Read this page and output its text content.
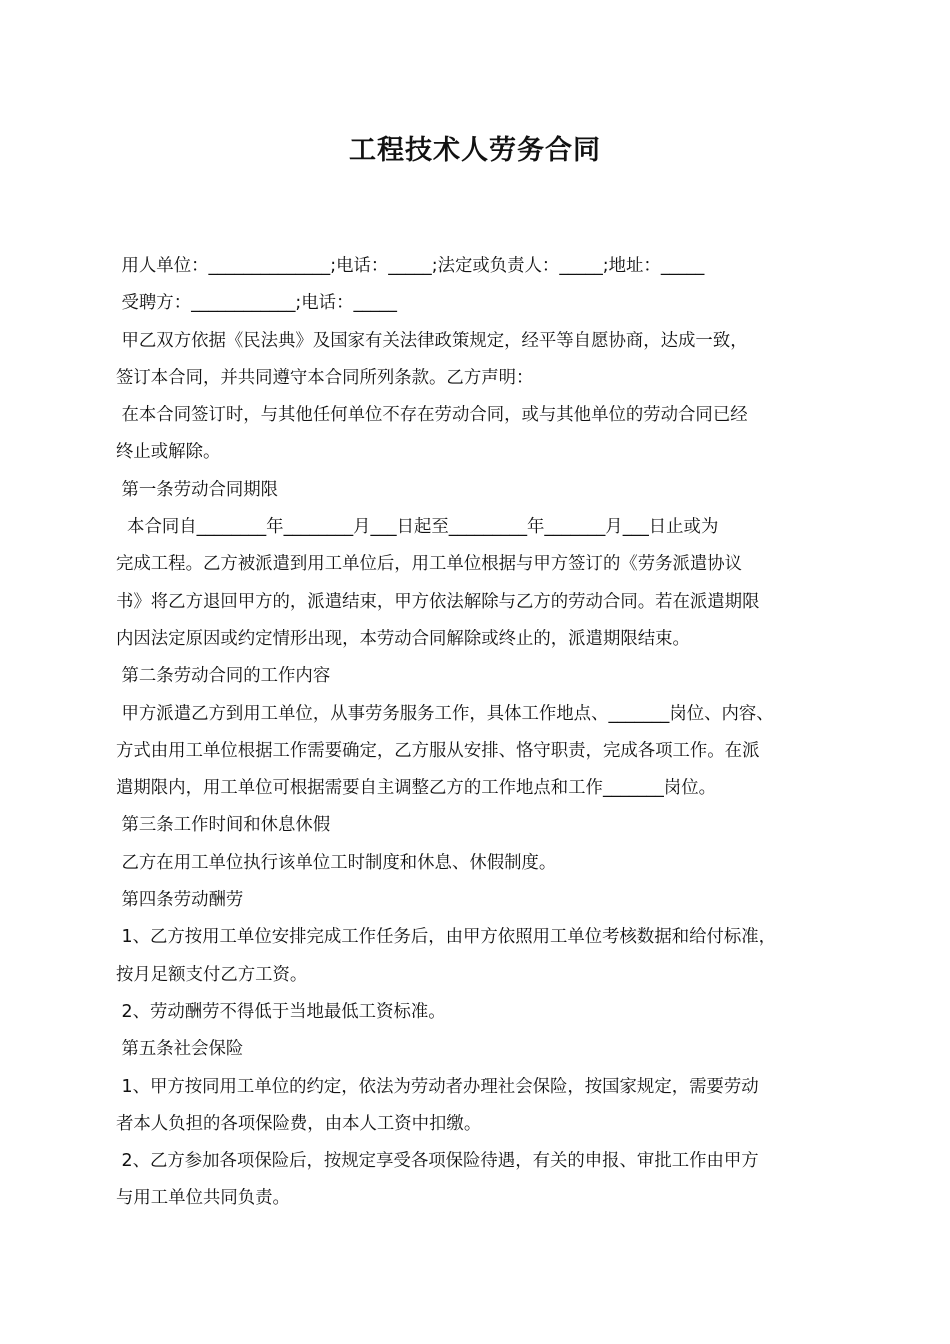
工程技术人劳务合同
用人单位：______________;电话：_____;法定或负责人：_____;地址：_____
受聘方：____________;电话：_____
甲乙双方依据《民法典》及国家有关法律政策规定，经平等自愿协商，达成一致，
签订本合同，并共同遵守本合同所列条款。乙方声明：
在本合同签订时，与其他任何单位不存在劳动合同，或与其他单位的劳动合同已经
终止或解除。
第一条劳动合同期限
本合同自________年________月___日起至_________年_______月___日止或为
完成工程。乙方被派遣到用工单位后，用工单位根据与甲方签订的《劳务派遣协议
书》将乙方退回甲方的，派遣结束，甲方依法解除与乙方的劳动合同。若在派遣期限
内因法定原因或约定情形出现，本劳动合同解除或终止的，派遣期限结束。
第二条劳动合同的工作内容
甲方派遣乙方到用工单位，从事劳务服务工作，具体工作地点、_______岗位、内容、
方式由用工单位根据工作需要确定，乙方服从安排、恪守职责，完成各项工作。在派
遣期限内，用工单位可根据需要自主调整乙方的工作地点和工作_______岗位。
第三条工作时间和休息休假
乙方在用工单位执行该单位工时制度和休息、休假制度。
第四条劳动酬劳
1、乙方按用工单位安排完成工作任务后，由甲方依照用工单位考核数据和给付标准，
按月足额支付乙方工资。
2、劳动酬劳不得低于当地最低工资标准。
第五条社会保险
1、甲方按同用工单位的约定，依法为劳动者办理社会保险，按国家规定，需要劳动
者本人负担的各项保险费，由本人工资中扣缴。
2、乙方参加各项保险后，按规定享受各项保险待遇，有关的申报、审批工作由甲方
与用工单位共同负责。
